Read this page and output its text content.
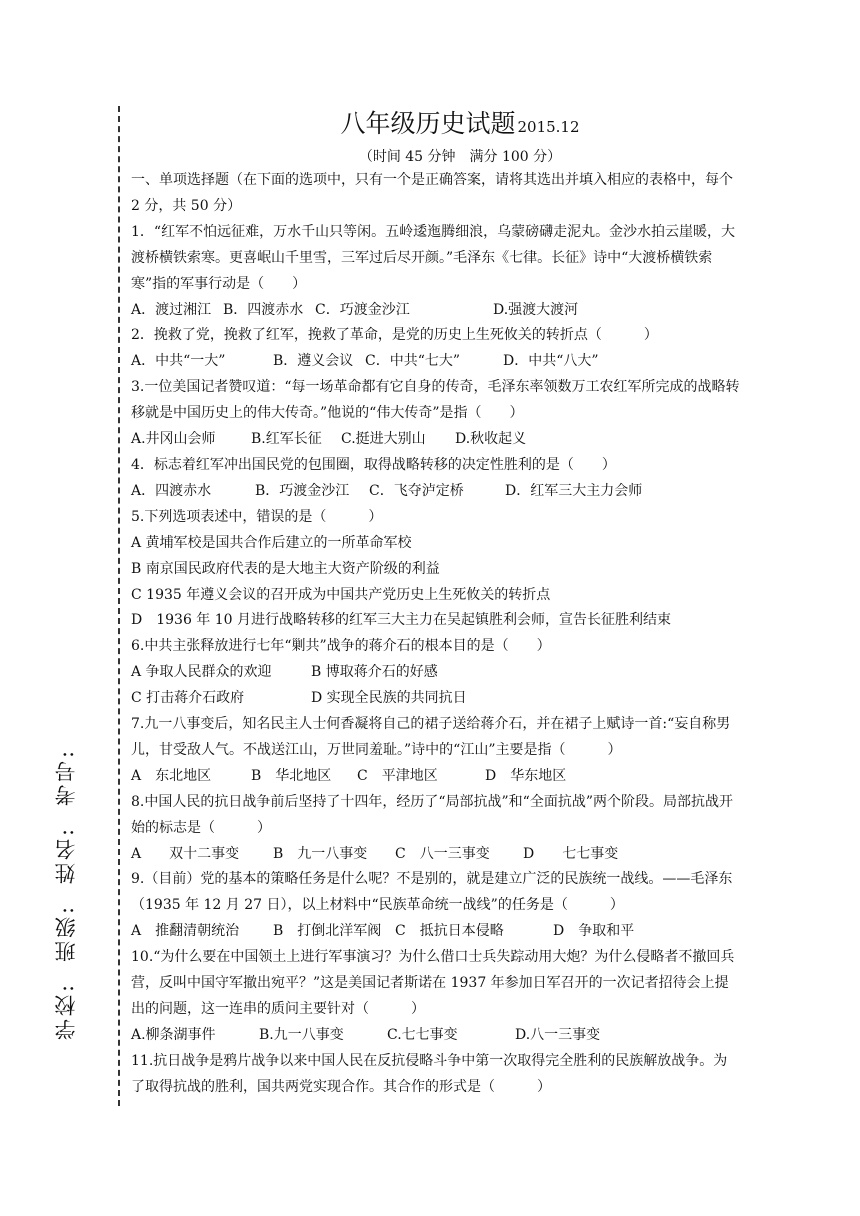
学校:
班级:
姓名:
考号:
八年级历史试题 2015.12
（时间 45 分钟　满分 100 分）

一、单项选择题（在下面的选项中，只有一个是正确答案，请将其选出并填入相应的表格中，每个 2 分，共 50 分）

1．“红军不怕远征难，万水千山只等闲。五岭逶迤腾细浪，乌蒙磅礴走泥丸。金沙水拍云崖暖，大渡桥横铁索寒。更喜岷山千里雪，三军过后尽开颜。”毛泽东《七律。长征》诗中“大渡桥横铁索寒”指的军事行动是（　　）

A．渡过湘江 B．四渡赤水 C．巧渡金沙江	D.强渡大渡河

2．挽救了党，挽救了红军，挽救了革命，是党的历史上生死攸关的转折点（　　　）

A．中共“一大”	B．遵义会议 C．中共“七大”	D．中共“八大”

3.一位美国记者赞叹道：“每一场革命都有它自身的传奇，毛泽东率领数万工农红军所完成的战略转移就是中国历史上的伟大传奇。”他说的“伟大传奇”是指（　　）

A.井冈山会师	B.红军长征 C.挺进大别山 D.秋收起义

4．标志着红军冲出国民党的包围圈，取得战略转移的决定性胜利的是（　　）

A．四渡赤水	B．巧渡金沙江 C．飞夺泸定桥	D．红军三大主力会师

5.下列选项表述中，错误的是（　　　）

A 黄埔军校是国共合作后建立的一所革命军校

B 南京国民政府代表的是大地主大资产阶级的利益

C 1935 年遵义会议的召开成为中国共产党历史上生死攸关的转折点

D　1936 年 10 月进行战略转移的红军三大主力在吴起镇胜利会师，宣告长征胜利结束

6.中共主张释放进行七年“剿共”战争的蒋介石的根本目的是（　　）

A 争取人民群众的欢迎	B 博取蒋介石的好感

C 打击蒋介石政府	D 实现全民族的共同抗日

7.九一八事变后，知名民主人士何香凝将自己的裙子送给蒋介石，并在裙子上赋诗一首:“妄自称男儿，甘受敌人气。不战送江山，万世同羞耻。”诗中的“江山”主要是指（　　　）

A　东北地区	B　华北地区 C　平津地区	D　华东地区

8.中国人民的抗日战争前后坚持了十四年，经历了“局部抗战”和“全面抗战”两个阶段。局部抗战开始的标志是（　　　）

A　　双十二事变 B　九一八事变 C　八一三事变 D　　七七事变

9.（目前）党的基本的策略任务是什么呢？不是别的，就是建立广泛的民族统一战线。——毛泽东（1935 年 12 月 27 日），以上材料中“民族革命统一战线”的任务是（　　　）

A　推翻清朝统治 B　打倒北洋军阀 C　抵抗日本侵略	D　争取和平

10.“为什么要在中国领土上进行军事演习？为什么借口士兵失踪动用大炮？为什么侵略者不撤回兵营，反叫中国守军撤出宛平？”这是美国记者斯诺在 1937 年参加日军召开的一次记者招待会上提出的问题，这一连串的质问主要针对（　　　）

A.柳条湖事件	B.九一八事变	C.七七事变	D.八一三事变

11.抗日战争是鸦片战争以来中国人民在反抗侵略斗争中第一次取得完全胜利的民族解放战争。为了取得抗战的胜利，国共两党实现合作。其合作的形式是（　　　）
